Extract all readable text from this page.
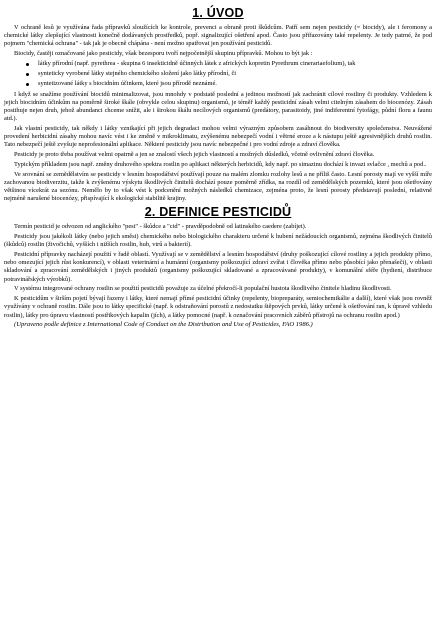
1. ÚVOD

V ochraně lesů je využívána řada přípravků sloužících ke kontrole, prevenci a obraně proti škůdcům. Patří sem nejen pesticidy (= biocidy), ale i feromony a chemické látky zlepšující vlastnosti konečně dodávaných prostředků, popř. signalizující ošetření apod. Často jsou přiřazovány také repelenty. Je tedy patrné, že pod pojmem "chemická ochrana" - tak jak je obecně chápána - není možno spatřovat jen používání pesticidů.

Biocidy, častěji označované jako pesticidy, však bezesporu tvoří nejpočetnější skupinu přípravků. Mohou to být jak :

látky přírodní (např. pyrethrea - skupina 6 insekticidně účinných látek z afrických kopretin Pyrethrum cinerariaefolium), tak
synteticky vyrobené látky stejného chemického složení jako látky přírodní, či
syntetizované látky s biocidním účinkem, které jsou přírodě neznámé.

I když se snažíme používání biocidů minimalizovat, jsou mnohdy v podstatě poslední a jedinou možností jak zachránit cílové rostliny či produkty. Vzhledem k jejich biocidním účinkům na poměrně široké škále (obvykle celou skupinu) organismů, je téměř každý pesticidní zásah velmi citelným zásahem do biocenózy. Zásah postihuje nejen druh, jehož abundanci chceme snížit, ale i širokou škálu necílových organismů (predátory, parasitoidy, jiné indiferentní fytofágy, půdní floru a faunu atd.).

Jak vlastní pesticidy, tak někdy i látky vznikající při jejich degradaci mohou velmi výrazným způsobem zasáhnout do biodiversity společenstva. Neuvážené provedení herbicidní zásahy mohou navíc vést i ke změně v mikroklimatu, zvýšenému nebezpečí vodní i větrné eroze a k nástupu ještě agresivnějších druhů rostlin. Tato nebezpečí ještě zvyšuje neprofesionální aplikace. Některé pesticidy jsou navíc nebezpečné i pro vodní zdroje a zdraví člověka.

Pesticidy je proto třeba používat velmi opatrně a jen se znalostí všech jejich vlastností a možných důsledků, včetně ovlivnění zdraví člověka.

Typickým příkladem jsou např. změny druhového spektra rostlin po aplikaci některých herbicidů, kdy např. po simazinu dochází k invazi svlačce , mechů a pod..

Ve srovnání se zemědělstvím se pesticidy v lesním hospodářství používají pouze na malém zlomku rozlohy lesů a ne příliš často. Lesní porosty mají ve vyšší míře zachovanou biodiverzitu, takže k zvýšenému výskytu škodlivých činitelů dochází pouze poměrně zřídka, na rozdíl od zemědělských pozemků, které jsou ošetřovány většinou vícekrát za sezónu. Nemělo by to však vést k podcenění možných následků chemizace, zejména proto, že lesní porosty představují poslední, relativně nejméně narušené biocenózy, přispívající k ekologické stabilitě krajiny.

2. DEFINICE PESTICIDŮ

Termín pesticid je odvozen od anglického "pest" - škůdce a "cid" - pravděpodobně od latinského caedere (zabíjet).

Pesticidy jsou jakékoli látky (nebo jejich směsi) chemického nebo biologického charakteru určené k hubení nežádoucích organismů, zejména škodlivých činitelů (škůdců) rostlin (živočichů, vyšších i nižších rostlin, hub, virů a bakterií).

Pesticidní přípravky nacházejí použití v řadě oblastí. Využívají se v zemědělství a lesním hospodářství (druhy poškozující cílové rostliny a jejich produkty přímo, nebo omezující jejich růst konkurencí), v oblasti veterinární a humánní (organismy poškozující zdraví zvířat i člověka přímo nebo působící jako přenašeči), v oblasti skladování a zpracování zemědělských i jiných produktů (organismy poškozující skladované a zpracovávané produkty), v komunální sféře (hydiení, distribuce potravinářských výrobků).

V systému integrované ochrany rostlin se použití pesticidů považuje za účelné překročí-li populační hustota škodlivého činitele hladinu škodlivosti.

K pesticidům v širším pojetí bývají řazeny i látky, které nemají přímé pesticidní účinky (repelenty, biopreparáty, semiochemikálie a další), které však jsou rovněž využívány v ochraně rostlin. Dále jsou to látky specifické (např. k odstraňování porostů z nedostatku štěpových prvků, látky určené k ošetřování ran, k úpravě vzhledu rostlin), látky pro úpravu vlastností postřikových kapalin (jích), a látky pomocné (např. k označování pracovních záběrů přístrojů na ochranu rostlin apod.)

(Upraveno podle definice z International Code of Conduct on the Distribution and Use of Pesticides, FAO 1986.)
